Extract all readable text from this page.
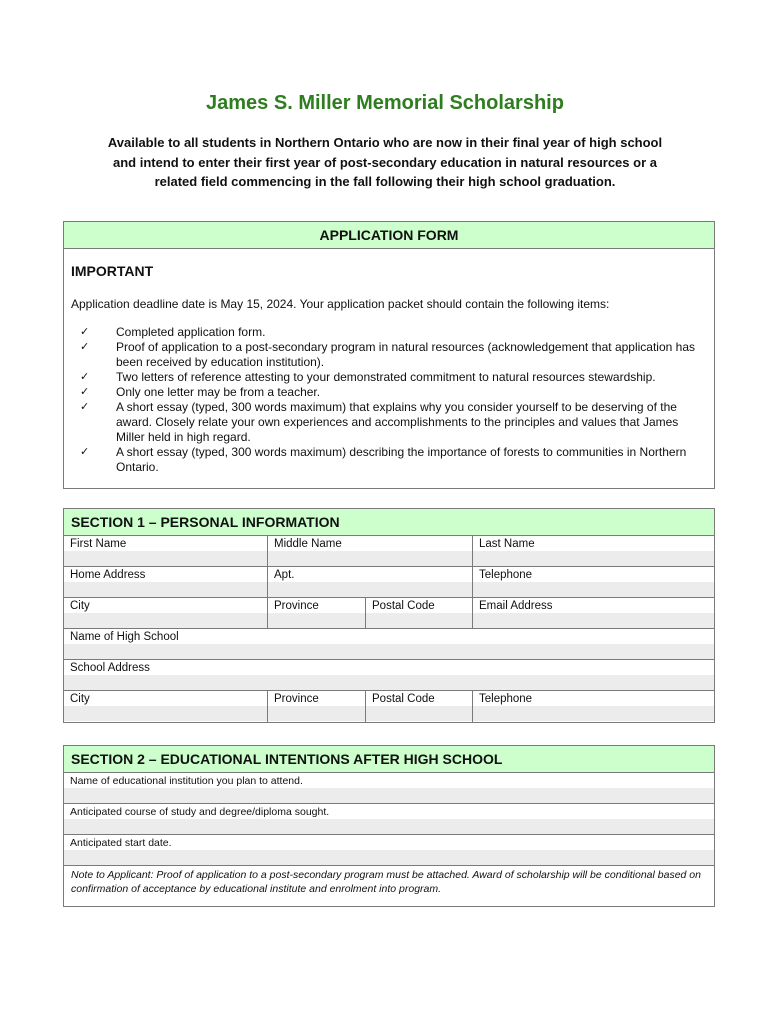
James S. Miller Memorial Scholarship
Available to all students in Northern Ontario who are now in their final year of high school and intend to enter their first year of post-secondary education in natural resources or a related field commencing in the fall following their high school graduation.
APPLICATION FORM
IMPORTANT
Application deadline date is May 15, 2024. Your application packet should contain the following items:
✓ Completed application form.
✓ Proof of application to a post-secondary program in natural resources (acknowledgement that application has been received by education institution).
✓ Two letters of reference attesting to your demonstrated commitment to natural resources stewardship.
✓ Only one letter may be from a teacher.
✓ A short essay (typed, 300 words maximum) that explains why you consider yourself to be deserving of the award. Closely relate your own experiences and accomplishments to the principles and values that James Miller held in high regard.
✓ A short essay (typed, 300 words maximum) describing the importance of forests to communities in Northern Ontario.
SECTION 1 – PERSONAL INFORMATION
First Name	Middle Name	Last Name
Home Address	Apt.	Telephone
City	Province	Postal Code	Email Address
Name of High School
School Address
City	Province	Postal Code	Telephone
SECTION 2 – EDUCATIONAL INTENTIONS AFTER HIGH SCHOOL
Name of educational institution you plan to attend.
Anticipated course of study and degree/diploma sought.
Anticipated start date.
Note to Applicant: Proof of application to a post-secondary program must be attached. Award of scholarship will be conditional based on confirmation of acceptance by educational institute and enrolment into program.
